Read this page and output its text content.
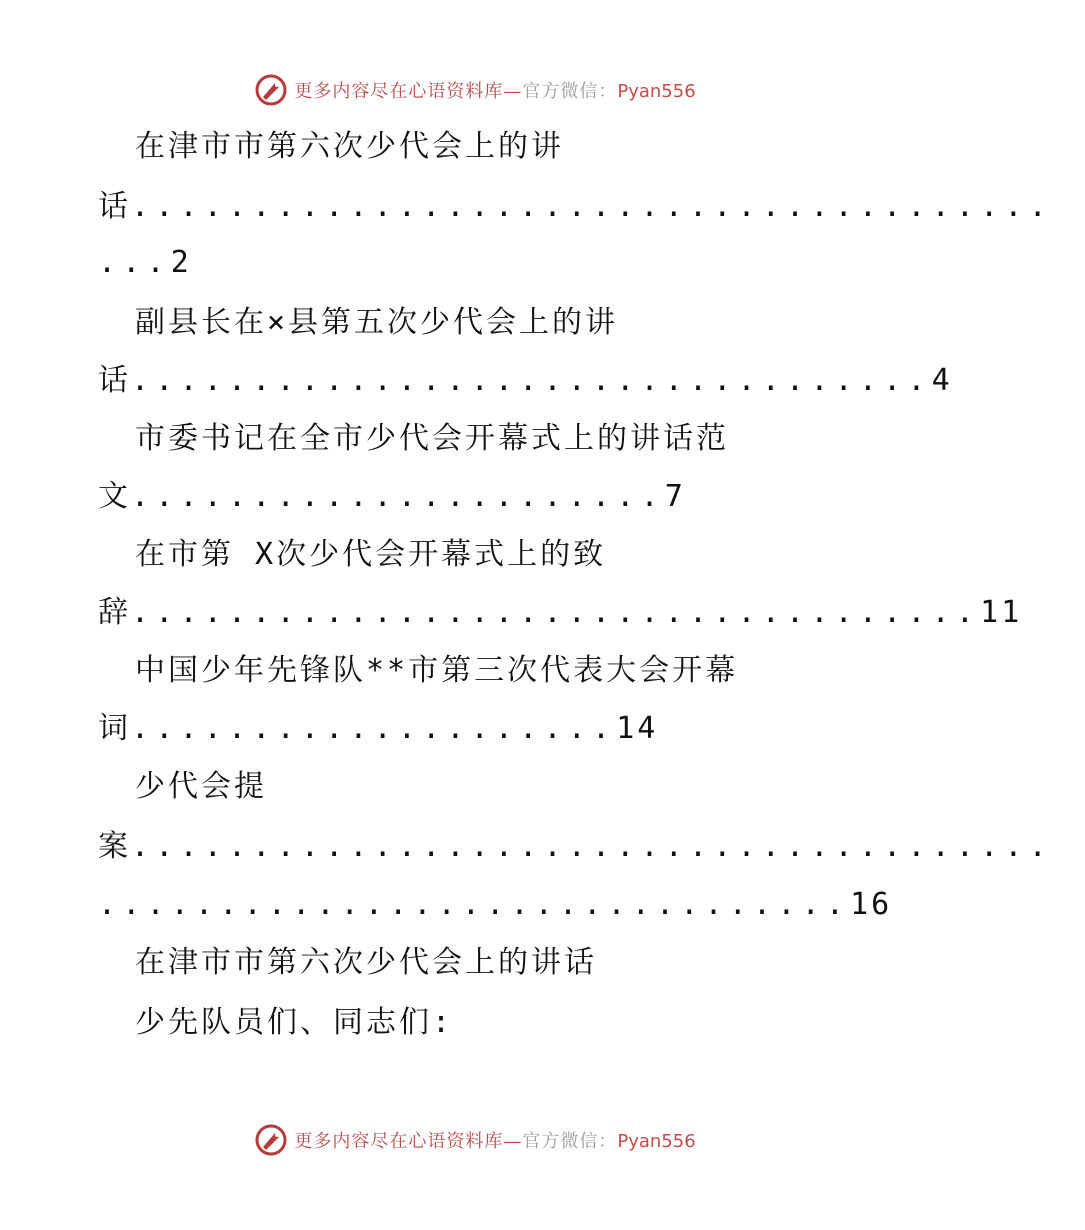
更多内容尽在心语资料库—官方微信：Pyan556
在津市市第六次少代会上的讲
话......................................
...2
副县长在×县第五次少代会上的讲
话.................................4
市委书记在全市少代会开幕式上的讲话范
文......................7
在市第 X次少代会开幕式上的致
辞...................................11
中国少年先锋队**市第三次代表大会开幕
词....................14
少代会提
案......................................
...............................16
在津市市第六次少代会上的讲话
少先队员们、同志们:
更多内容尽在心语资料库—官方微信：Pyan556
